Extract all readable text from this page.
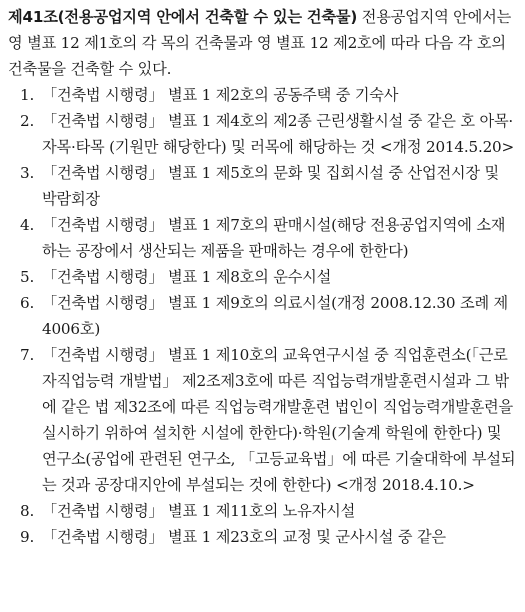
제41조(전용공업지역 안에서 건축할 수 있는 건축물) 전용공업지역 안에서는 영 별표 12 제1호의 각 목의 건축물과 영 별표 12 제2호에 따라 다음 각 호의 건축물을 건축할 수 있다.

1. 「건축법 시행령」 별표 1 제2호의 공동주택 중 기숙사
2. 「건축법 시행령」 별표 1 제4호의 제2종 근린생활시설 중 같은 호 아목·자목·타목 (기원만 해당한다) 및 러목에 해당하는 것 <개정 2014.5.20>
3. 「건축법 시행령」 별표 1 제5호의 문화 및 집회시설 중 산업전시장 및 박람회장
4. 「건축법 시행령」 별표 1 제7호의 판매시설(해당 전용공업지역에 소재하는 공장에서 생산되는 제품을 판매하는 경우에 한한다)
5. 「건축법 시행령」 별표 1 제8호의 운수시설
6. 「건축법 시행령」 별표 1 제9호의 의료시설(개정 2008.12.30 조례 제4006호)
7. 「건축법 시행령」 별표 1 제10호의 교육연구시설 중 직업훈련소(「근로자직업능력 개발법」 제2조제3호에 따른 직업능력개발훈련시설과 그 밖에 같은 법 제32조에 따른 직업능력개발훈련 법인이 직업능력개발훈련을 실시하기 위하여 설치한 시설에 한한다)·학원(기술계 학원에 한한다) 및 연구소(공업에 관련된 연구소, 「고등교육법」에 따른 기술대학에 부설되는 것과 공장대지안에 부설되는 것에 한한다) <개정 2018.4.10.>
8. 「건축법 시행령」 별표 1 제11호의 노유자시설
9. 「건축법 시행령」 별표 1 제23호의 교정 및 군사시설 중 같은
